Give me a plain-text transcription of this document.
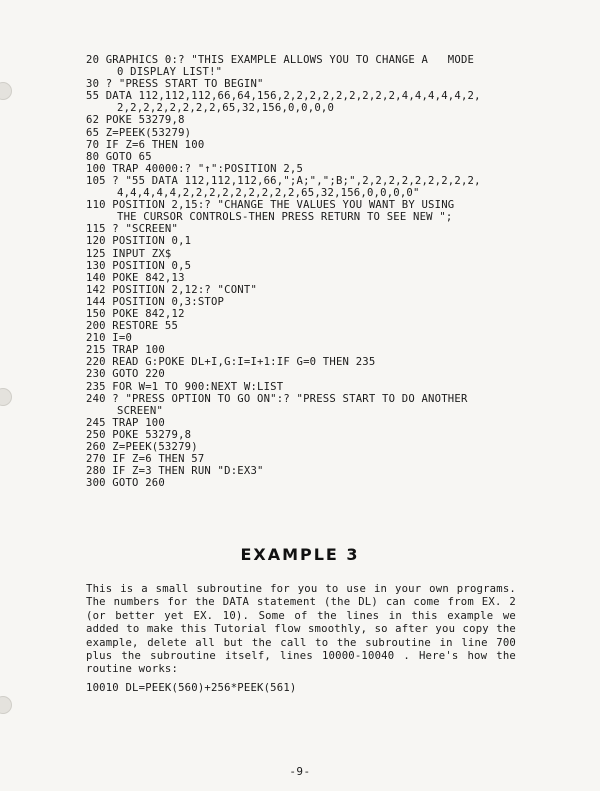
20 GRAPHICS 0:? "THIS EXAMPLE ALLOWS YOU TO CHANGE A   MODE
0 DISPLAY LIST!"
30 ? "PRESS START TO BEGIN"
55 DATA 112,112,112,66,64,156,2,2,2,2,2,2,2,2,2,4,4,4,4,4,2,
2,2,2,2,2,2,2,2,65,32,156,0,0,0,0
62 POKE 53279,8
65 Z=PEEK(53279)
70 IF Z=6 THEN 100
80 GOTO 65
100 TRAP 40000:? "↑":POSITION 2,5
105 ? "55 DATA 112,112,112,66,";A;",";B;",2,2,2,2,2,2,2,2,2,
4,4,4,4,4,2,2,2,2,2,2,2,2,2,65,32,156,0,0,0,0"
110 POSITION 2,15:? "CHANGE THE VALUES YOU WANT BY USING
THE CURSOR CONTROLS-THEN PRESS RETURN TO SEE NEW ";
115 ? "SCREEN"
120 POSITION 0,1
125 INPUT ZX$
130 POSITION 0,5
140 POKE 842,13
142 POSITION 2,12:? "CONT"
144 POSITION 0,3:STOP
150 POKE 842,12
200 RESTORE 55
210 I=0
215 TRAP 100
220 READ G:POKE DL+I,G:I=I+1:IF G=0 THEN 235
230 GOTO 220
235 FOR W=1 TO 900:NEXT W:LIST
240 ? "PRESS OPTION TO GO ON":? "PRESS START TO DO ANOTHER
SCREEN"
245 TRAP 100
250 POKE 53279,8
260 Z=PEEK(53279)
270 IF Z=6 THEN 57
280 IF Z=3 THEN RUN "D:EX3"
300 GOTO 260
EXAMPLE 3
This is a small subroutine for you to use in your own programs. The numbers for the DATA statement (the DL) can come from EX. 2 (or better yet EX. 10). Some of the lines in this example we added to make this Tutorial flow smoothly, so after you copy the example, delete all but the call to the subroutine in line 700 plus the subroutine itself, lines 10000-10040 . Here's how the routine works:
10010 DL=PEEK(560)+256*PEEK(561)
-9-
